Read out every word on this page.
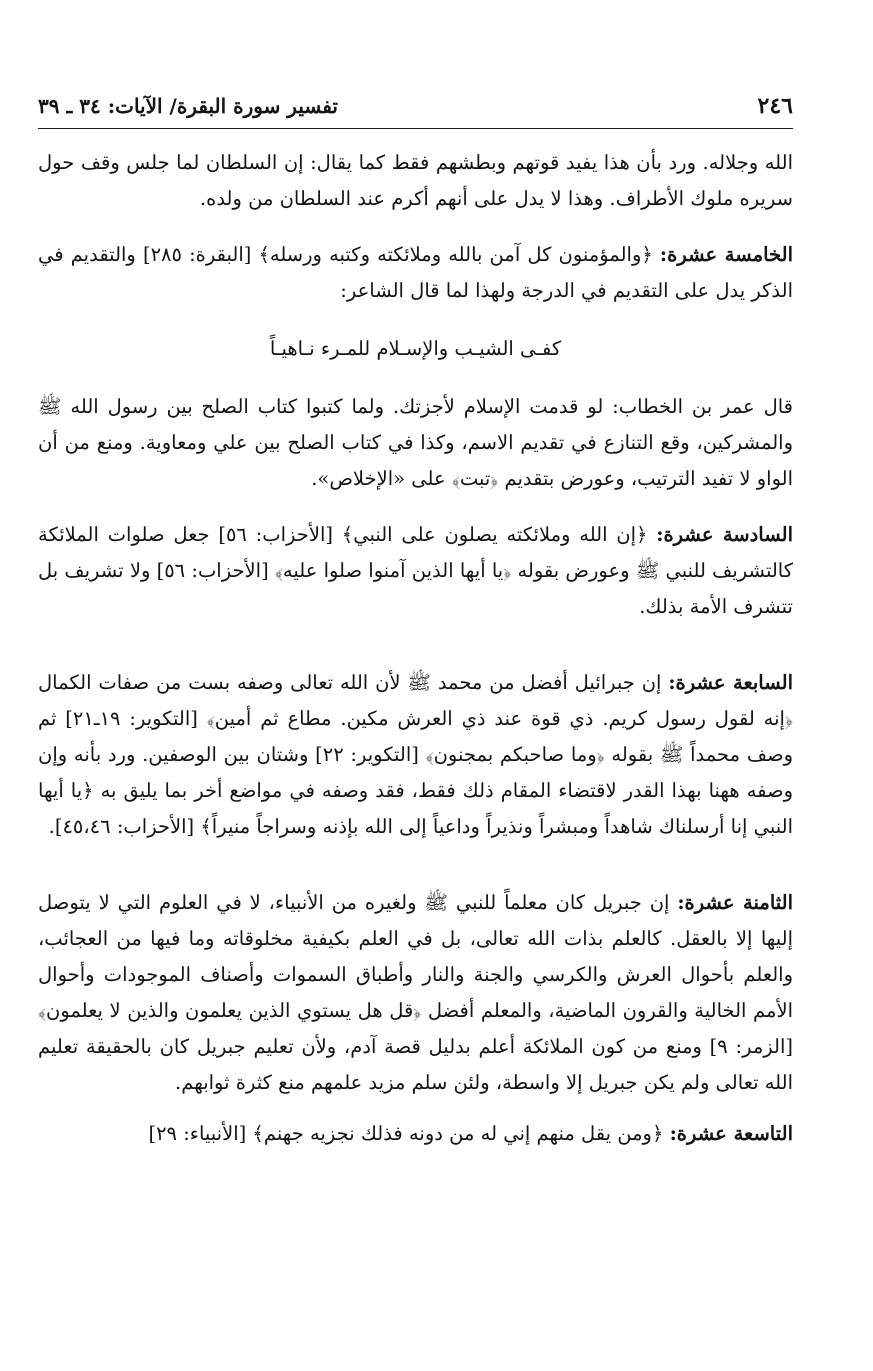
٢٤٦
تفسير سورة البقرة/ الآيات: ٣٤ ـ ٣٩

الله وجلاله. ورد بأن هذا يفيد قوتهم وبطشهم فقط كما يقال: إن السلطان لما جلس وقف حول سريره ملوك الأطراف. وهذا لا يدل على أنهم أكرم عند السلطان من ولده.

الخامسة عشرة: ﴿والمؤمنون كل آمن بالله وملائكته وكتبه ورسله﴾ [البقرة: ٢٨٥] والتقديم في الذكر يدل على التقديم في الدرجة ولهذا لما قال الشاعر:

كفـى الشيـب والإسـلام للمـرء نـاهيـاً

قال عمر بن الخطاب: لو قدمت الإسلام لأجزتك. ولما كتبوا كتاب الصلح بين رسول الله ﷺ والمشركين، وقع التنازع في تقديم الاسم، وكذا في كتاب الصلح بين علي ومعاوية. ومنع من أن الواو لا تفيد الترتيب، وعورض بتقديم ﴿تبت﴾ على «الإخلاص».

السادسة عشرة: ﴿إن الله وملائكته يصلون على النبي﴾ [الأحزاب: ٥٦] جعل صلوات الملائكة كالتشريف للنبي ﷺ وعورض بقوله ﴿يا أيها الذين آمنوا صلوا عليه﴾ [الأحزاب: ٥٦] ولا تشريف بل تتشرف الأمة بذلك.

السابعة عشرة: إن جبرائيل أفضل من محمد ﷺ لأن الله تعالى وصفه بست من صفات الكمال ﴿إنه لقول رسول كريم. ذي قوة عند ذي العرش مكين. مطاع ثم أمين﴾ [التكوير: ١٩ـ٢١] ثم وصف محمداً ﷺ بقوله ﴿وما صاحبكم بمجنون﴾ [التكوير: ٢٢] وشتان بين الوصفين. ورد بأنه وإن وصفه ههنا بهذا القدر لاقتضاء المقام ذلك فقط، فقد وصفه في مواضع أخر بما يليق به ﴿يا أيها النبي إنا أرسلناك شاهداً ومبشراً ونذيراً وداعياً إلى الله بإذنه وسراجاً منيراً﴾ [الأحزاب: ٤٥،٤٦].

الثامنة عشرة: إن جبريل كان معلماً للنبي ﷺ ولغيره من الأنبياء، لا في العلوم التي لا يتوصل إليها إلا بالعقل. كالعلم بذات الله تعالى، بل في العلم بكيفية مخلوقاته وما فيها من العجائب، والعلم بأحوال العرش والكرسي والجنة والنار وأطباق السموات وأصناف الموجودات وأحوال الأمم الخالية والقرون الماضية، والمعلم أفضل ﴿قل هل يستوي الذين يعلمون والذين لا يعلمون﴾ [الزمر: ٩] ومنع من كون الملائكة أعلم بدليل قصة آدم، ولأن تعليم جبريل كان بالحقيقة تعليم الله تعالى ولم يكن جبريل إلا واسطة، ولئن سلم مزيد علمهم منع كثرة ثوابهم.

التاسعة عشرة: ﴿ومن يقل منهم إني له من دونه فذلك نجزيه جهنم﴾ [الأنبياء: ٢٩]
